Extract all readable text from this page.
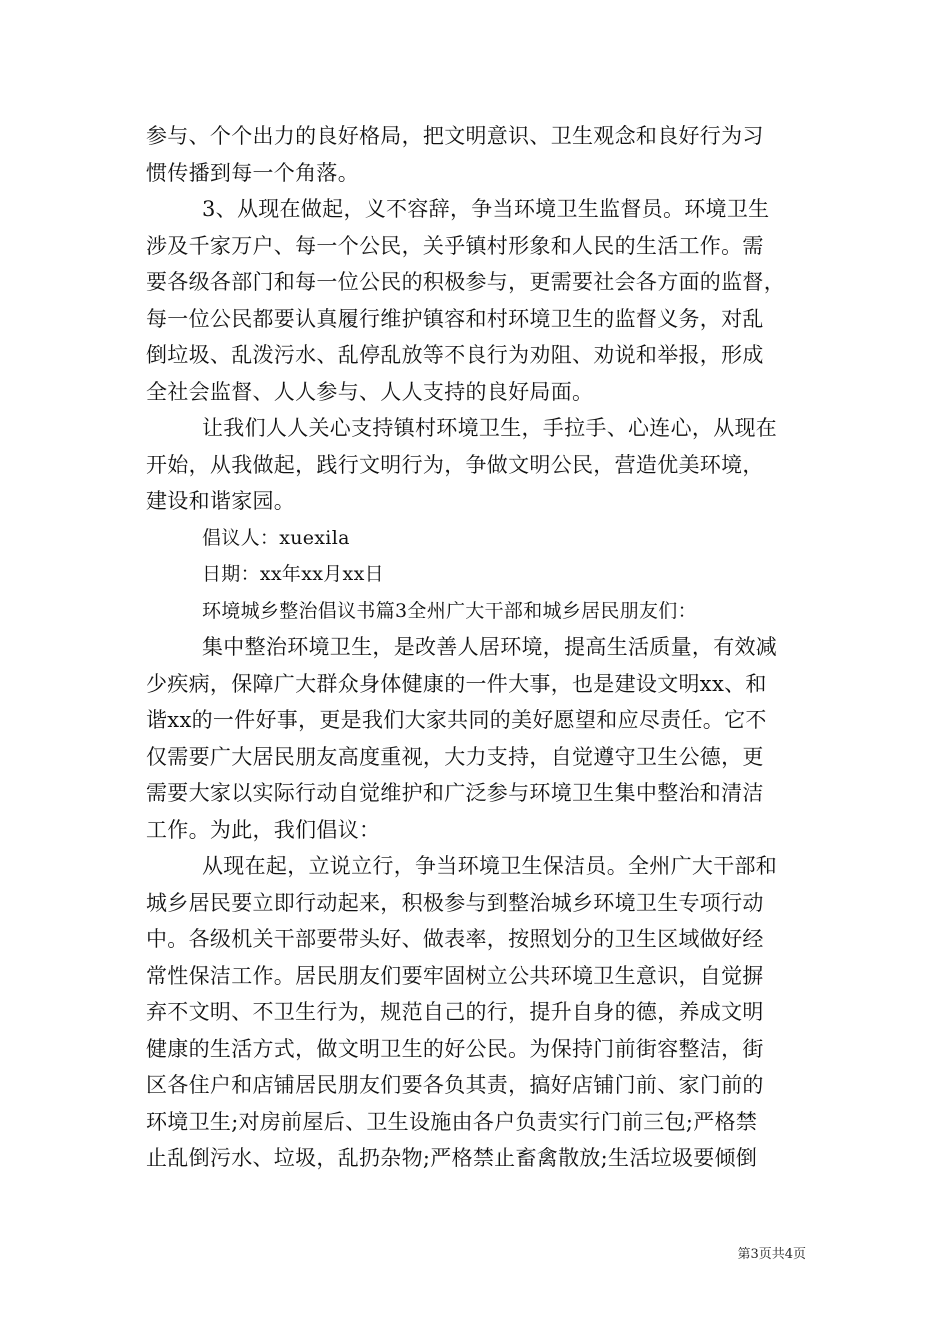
参与、个个出力的良好格局，把文明意识、卫生观念和良好行为习
惯传播到每一个角落。
3、从现在做起，义不容辞，争当环境卫生监督员。环境卫生
涉及千家万户、每一个公民，关乎镇村形象和人民的生活工作。需
要各级各部门和每一位公民的积极参与，更需要社会各方面的监督，
每一位公民都要认真履行维护镇容和村环境卫生的监督义务，对乱
倒垃圾、乱泼污水、乱停乱放等不良行为劝阻、劝说和举报，形成
全社会监督、人人参与、人人支持的良好局面。
让我们人人关心支持镇村环境卫生，手拉手、心连心，从现在
开始，从我做起，践行文明行为，争做文明公民，营造优美环境，
建设和谐家园。
倡议人：xuexila
日期：xx年xx月xx日
环境城乡整治倡议书篇3全州广大干部和城乡居民朋友们：
集中整治环境卫生，是改善人居环境，提高生活质量，有效减
少疾病，保障广大群众身体健康的一件大事，也是建设文明xx、和
谐xx的一件好事，更是我们大家共同的美好愿望和应尽责任。它不
仅需要广大居民朋友高度重视，大力支持，自觉遵守卫生公德，更
需要大家以实际行动自觉维护和广泛参与环境卫生集中整治和清洁
工作。为此，我们倡议：
从现在起，立说立行，争当环境卫生保洁员。全州广大干部和
城乡居民要立即行动起来，积极参与到整治城乡环境卫生专项行动
中。各级机关干部要带头好、做表率，按照划分的卫生区域做好经
常性保洁工作。居民朋友们要牢固树立公共环境卫生意识，自觉摒
弃不文明、不卫生行为，规范自己的行，提升自身的德，养成文明
健康的生活方式，做文明卫生的好公民。为保持门前街容整洁，街
区各住户和店铺居民朋友们要各负其责，搞好店铺门前、家门前的
环境卫生;对房前屋后、卫生设施由各户负责实行门前三包;严格禁
止乱倒污水、垃圾，乱扔杂物;严格禁止畜禽散放;生活垃圾要倾倒
第3页共4页
